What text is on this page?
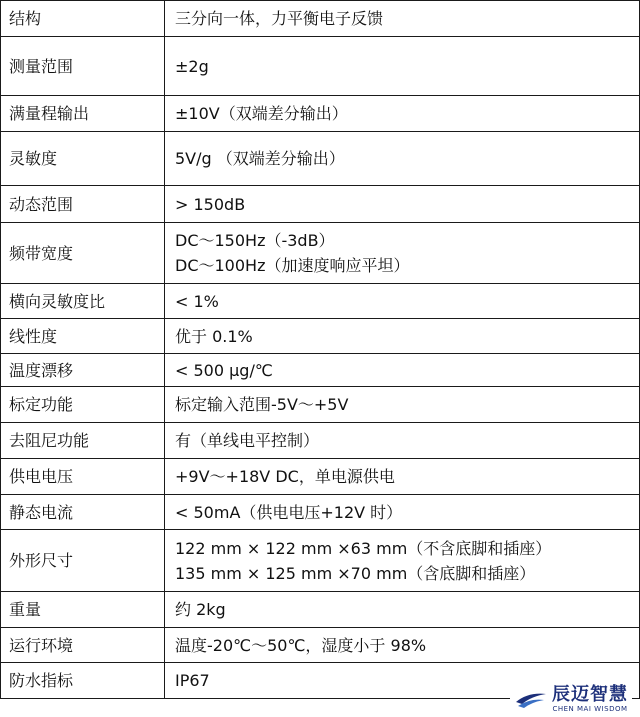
结构	三分向一体，力平衡电子反馈

测量范围	±2g

满量程输出	±10V（双端差分输出）

灵敏度	5V/g （双端差分输出）

动态范围	> 150dB

频带宽度	DC～150Hz（-3dB）
DC～100Hz（加速度响应平坦）

横向灵敏度比	< 1%

线性度	优于 0.1%

温度漂移	< 500 μg/℃

标定功能	标定输入范围-5V～+5V

去阻尼功能	有（单线电平控制）

供电电压	+9V～+18V DC，单电源供电

静态电流	< 50mA（供电电压+12V 时）

外形尺寸	122 mm × 122 mm ×63 mm（不含底脚和插座）
135 mm × 125 mm ×70 mm（含底脚和插座）

重量	约 2kg

运行环境	温度-20℃～50℃，湿度小于 98%

防水指标	IP67
辰迈智慧
CHEN MAI WISDOM
